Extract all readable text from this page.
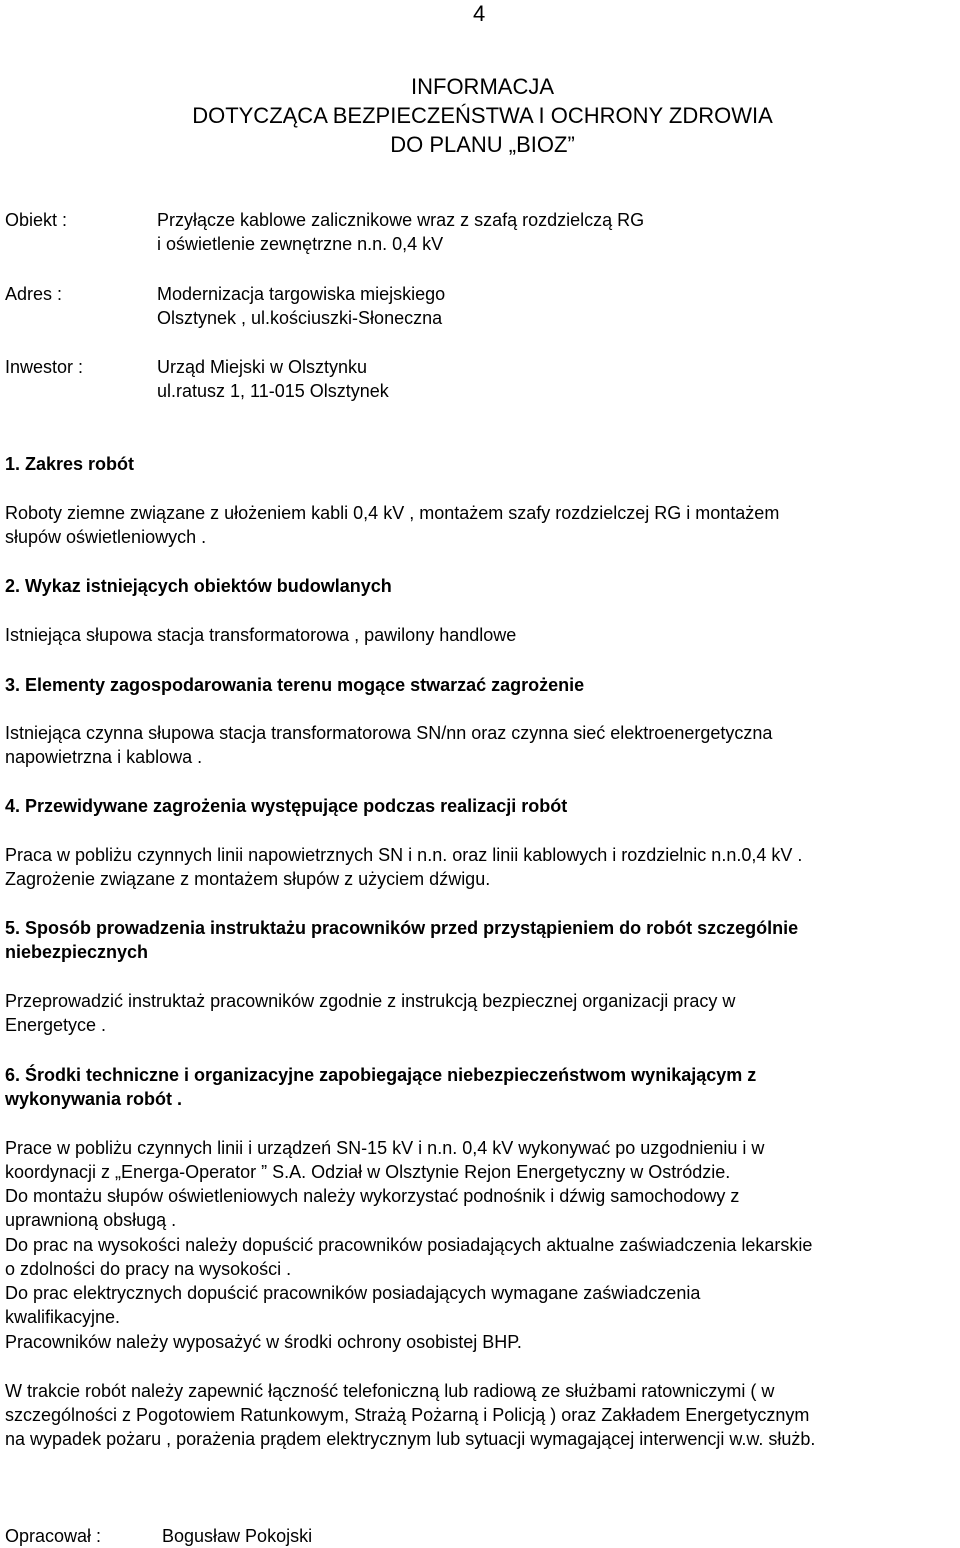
4
INFORMACJA
DOTYCZĄCA BEZPIECZEŃSTWA I OCHRONY ZDROWIA
DO PLANU „BIOZ”
Obiekt :	Przyłącze kablowe zalicznikowe wraz z szafą rozdzielczą RG
i oświetlenie zewnętrzne n.n. 0,4 kV
Adres :	Modernizacja targowiska miejskiego
Olsztynek , ul.kościuszki-Słoneczna
Inwestor :	Urząd Miejski w Olsztynku
ul.ratusz 1, 11-015 Olsztynek
1. Zakres robót
Roboty ziemne związane z ułożeniem kabli 0,4 kV , montażem szafy rozdzielczej RG i montażem
słupów oświetleniowych .
2. Wykaz istniejących obiektów budowlanych
Istniejąca słupowa stacja transformatorowa , pawilony handlowe
3. Elementy zagospodarowania terenu mogące stwarzać zagrożenie
Istniejąca czynna słupowa stacja transformatorowa SN/nn oraz czynna sieć elektroenergetyczna
napowietrzna i kablowa .
4. Przewidywane zagrożenia występujące podczas realizacji robót
Praca w pobliżu czynnych linii napowietrznych SN i n.n. oraz linii kablowych i rozdzielnic n.n.0,4 kV .
Zagrożenie związane z montażem słupów z użyciem dźwigu.
5. Sposób prowadzenia instruktażu pracowników przed przystąpieniem do robót szczególnie
niebezpiecznych
Przeprowadzić instruktaż pracowników zgodnie z instrukcją bezpiecznej organizacji pracy w
Energetyce .
6. Środki techniczne i organizacyjne zapobiegające niebezpieczeństwom wynikającym z
wykonywania robót .
Prace w pobliżu czynnych linii i urządzeń SN-15 kV i n.n. 0,4 kV wykonywać po uzgodnieniu i w
koordynacji z „Energa-Operator ” S.A. Odział w Olsztynie Rejon Energetyczny w Ostródzie.
Do montażu słupów oświetleniowych należy wykorzystać podnośnik i dźwig samochodowy z
uprawnioną obsługą .
Do prac na wysokości należy dopuścić pracowników posiadających aktualne zaświadczenia lekarskie
o zdolności do pracy na wysokości .
Do prac elektrycznych dopuścić pracowników posiadających wymagane zaświadczenia
kwalifikacyjne.
Pracowników należy wyposażyć w środki ochrony osobistej BHP.
W trakcie robót należy zapewnić łączność telefoniczną lub radiową ze służbami ratowniczymi ( w
szczególności z Pogotowiem Ratunkowym, Strażą Pożarną i Policją ) oraz Zakładem Energetycznym
na wypadek pożaru , porażenia prądem elektrycznym lub sytuacji wymagającej interwencji w.w. służb.
Opracował :	Bogusław Pokojski
